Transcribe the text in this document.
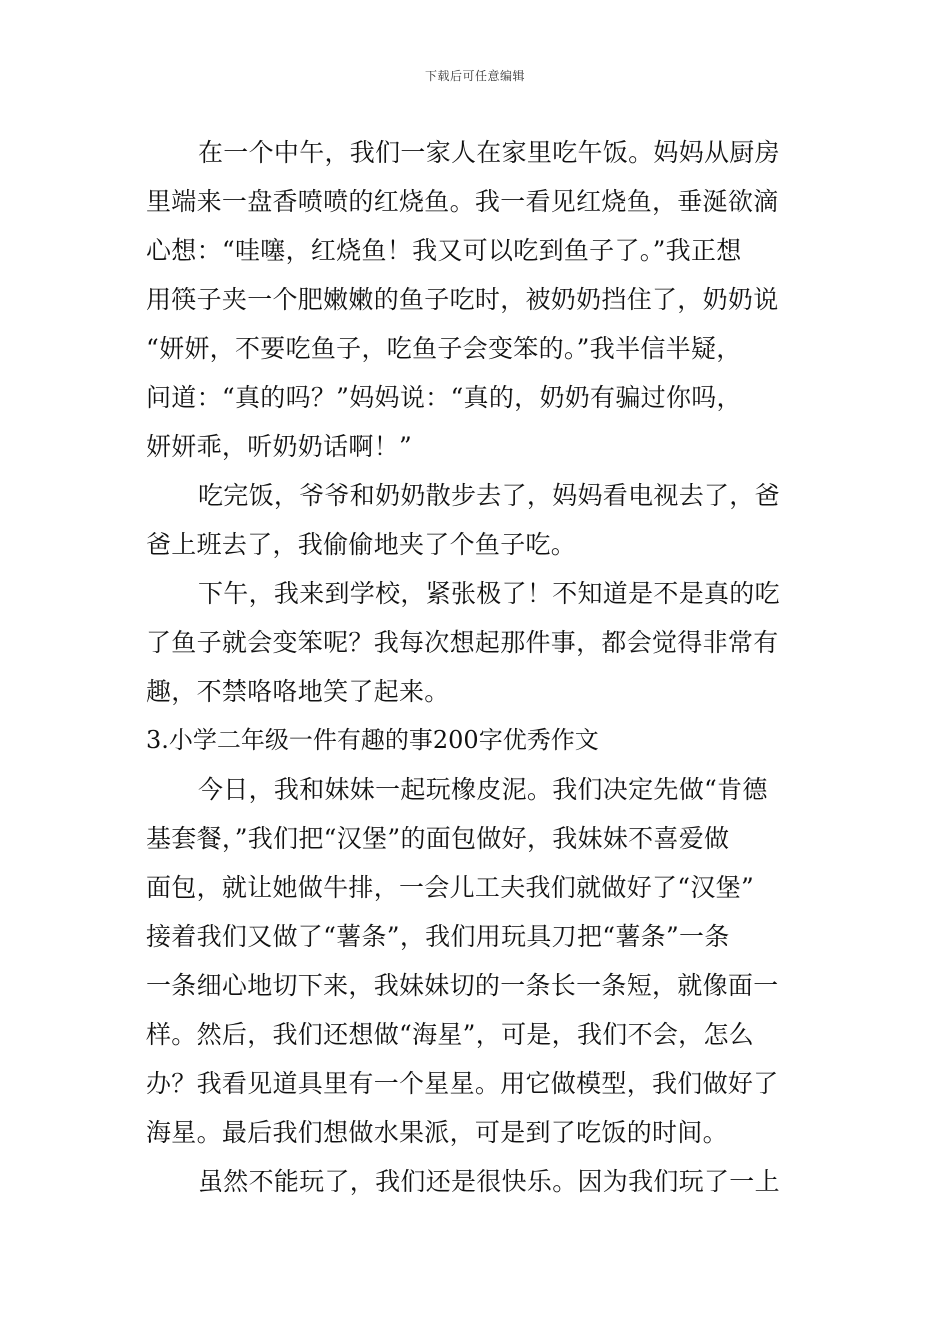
下载后可任意编辑
在一个中午，我们一家人在家里吃午饭。妈妈从厨房
里端来一盘香喷喷的红烧鱼。我一看见红烧鱼，垂涎欲滴
心想：“哇噻，红烧鱼！我又可以吃到鱼子了。”我正想
用筷子夹一个肥嫩嫩的鱼子吃时，被奶奶挡住了，奶奶说
“妍妍，不要吃鱼子，吃鱼子会变笨的。”我半信半疑，
问道：“真的吗？”妈妈说：“真的，奶奶有骗过你吗，
妍妍乖，听奶奶话啊！”
吃完饭，爷爷和奶奶散步去了，妈妈看电视去了，爸
爸上班去了，我偷偷地夹了个鱼子吃。
下午，我来到学校，紧张极了！不知道是不是真的吃
了鱼子就会变笨呢？我每次想起那件事，都会觉得非常有
趣，不禁咯咯地笑了起来。
3.小学二年级一件有趣的事200字优秀作文
今日，我和妹妹一起玩橡皮泥。我们决定先做“肯德
基套餐，”我们把“汉堡”的面包做好，我妹妹不喜爱做
面包，就让她做牛排，一会儿工夫我们就做好了“汉堡”
接着我们又做了“薯条”，我们用玩具刀把“薯条”一条
一条细心地切下来，我妹妹切的一条长一条短，就像面一
样。然后，我们还想做“海星”，可是，我们不会，怎么
办？我看见道具里有一个星星。用它做模型，我们做好了
海星。最后我们想做水果派，可是到了吃饭的时间。
虽然不能玩了，我们还是很快乐。因为我们玩了一上
